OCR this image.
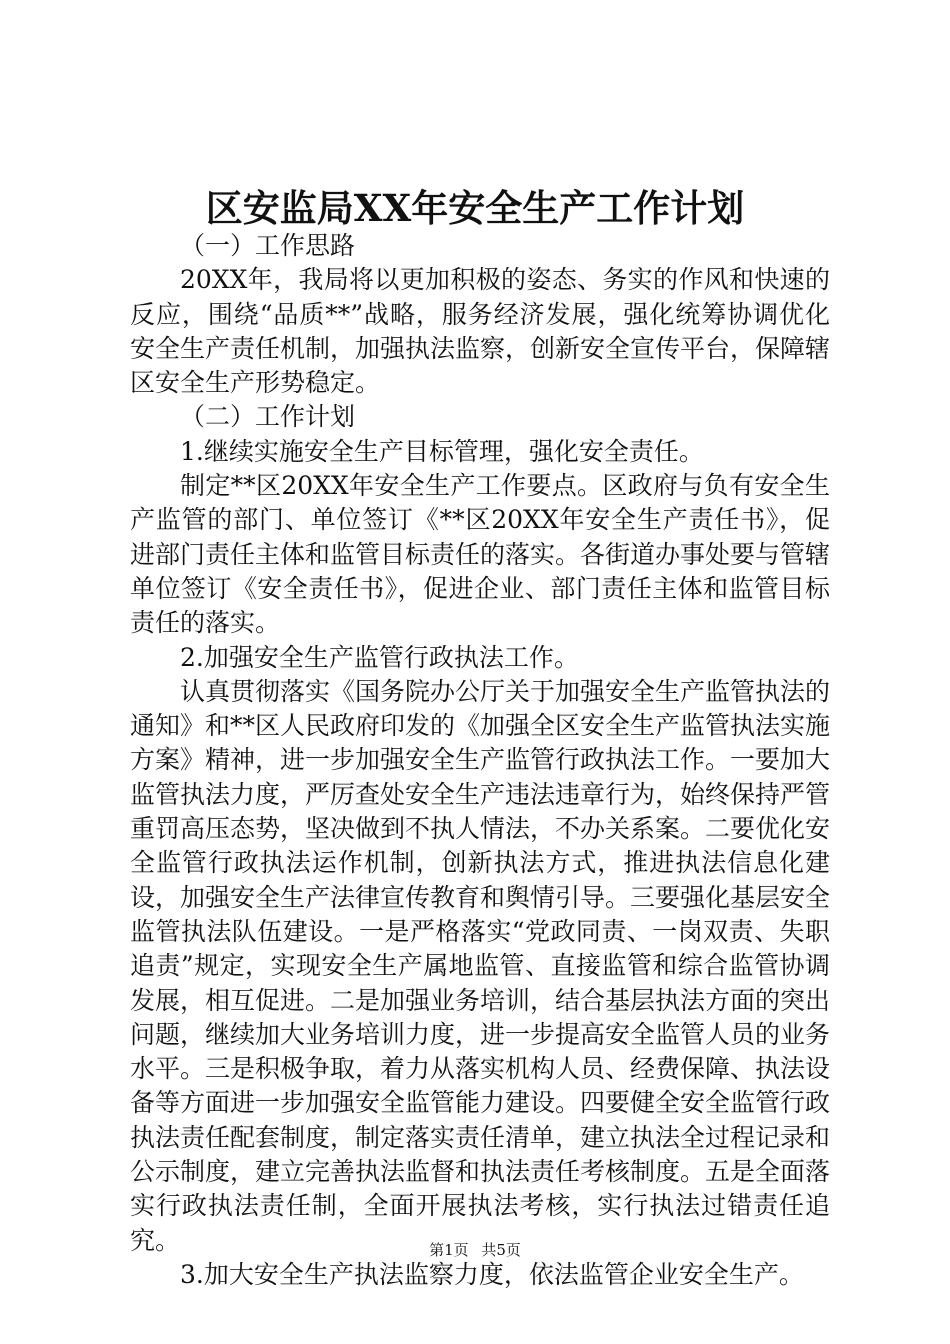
区安监局XX年安全生产工作计划

（一）工作思路

20XX年，我局将以更加积极的姿态、务实的作风和快速的反应，围绕“品质**”战略，服务经济发展，强化统筹协调优化安全生产责任机制，加强执法监察，创新安全宣传平台，保障辖区安全生产形势稳定。

（二）工作计划

1.继续实施安全生产目标管理，强化安全责任。

制定**区20XX年安全生产工作要点。区政府与负有安全生产监管的部门、单位签订《**区20XX年安全生产责任书》，促进部门责任主体和监管目标责任的落实。各街道办事处要与管辖单位签订《安全责任书》，促进企业、部门责任主体和监管目标责任的落实。

2.加强安全生产监管行政执法工作。

认真贯彻落实《国务院办公厅关于加强安全生产监管执法的通知》和**区人民政府印发的《加强全区安全生产监管执法实施方案》精神，进一步加强安全生产监管行政执法工作。一要加大监管执法力度，严厉查处安全生产违法违章行为，始终保持严管重罚高压态势，坚决做到不执人情法，不办关系案。二要优化安全监管行政执法运作机制，创新执法方式，推进执法信息化建设，加强安全生产法律宣传教育和舆情引导。三要强化基层安全监管执法队伍建设。一是严格落实“党政同责、一岗双责、失职追责”规定，实现安全生产属地监管、直接监管和综合监管协调发展，相互促进。二是加强业务培训，结合基层执法方面的突出问题，继续加大业务培训力度，进一步提高安全监管人员的业务水平。三是积极争取，着力从落实机构人员、经费保障、执法设备等方面进一步加强安全监管能力建设。四要健全安全监管行政执法责任配套制度，制定落实责任清单，建立执法全过程记录和公示制度，建立完善执法监督和执法责任考核制度。五是全面落实行政执法责任制，全面开展执法考核，实行执法过错责任追究。

3.加大安全生产执法监察力度，依法监管企业安全生产。

第1页 共5页
